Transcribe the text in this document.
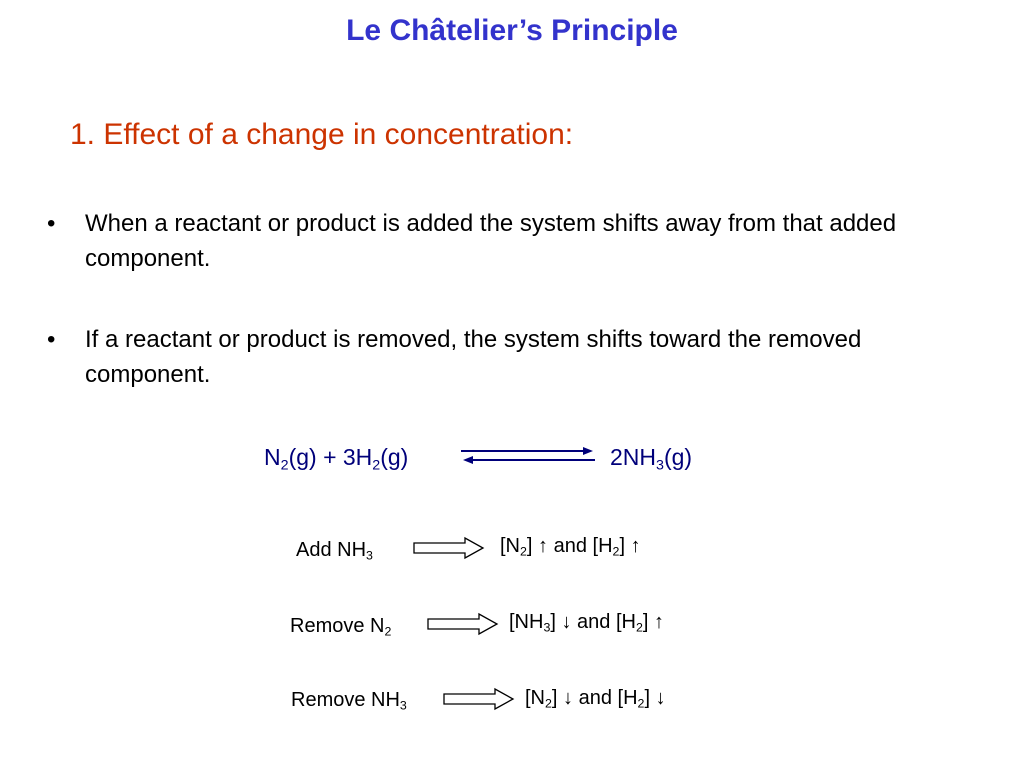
Le Châtelier’s Principle
1. Effect of a change in concentration:
• When a reactant or product is added the system shifts away from that added component.
• If a reactant or product is removed, the system shifts toward the removed component.
$N_2(g) + 3H_2(g)$	$2NH_3(g)$
Add $NH_3$	$[N_2]$ ↑ and $[H_2]$ ↑
Remove $N_2$	$[NH_3]$ ↓ and $[H_2]$ ↑
Remove $NH_3$	$[N_2]$ ↓ and $[H_2]$ ↓
